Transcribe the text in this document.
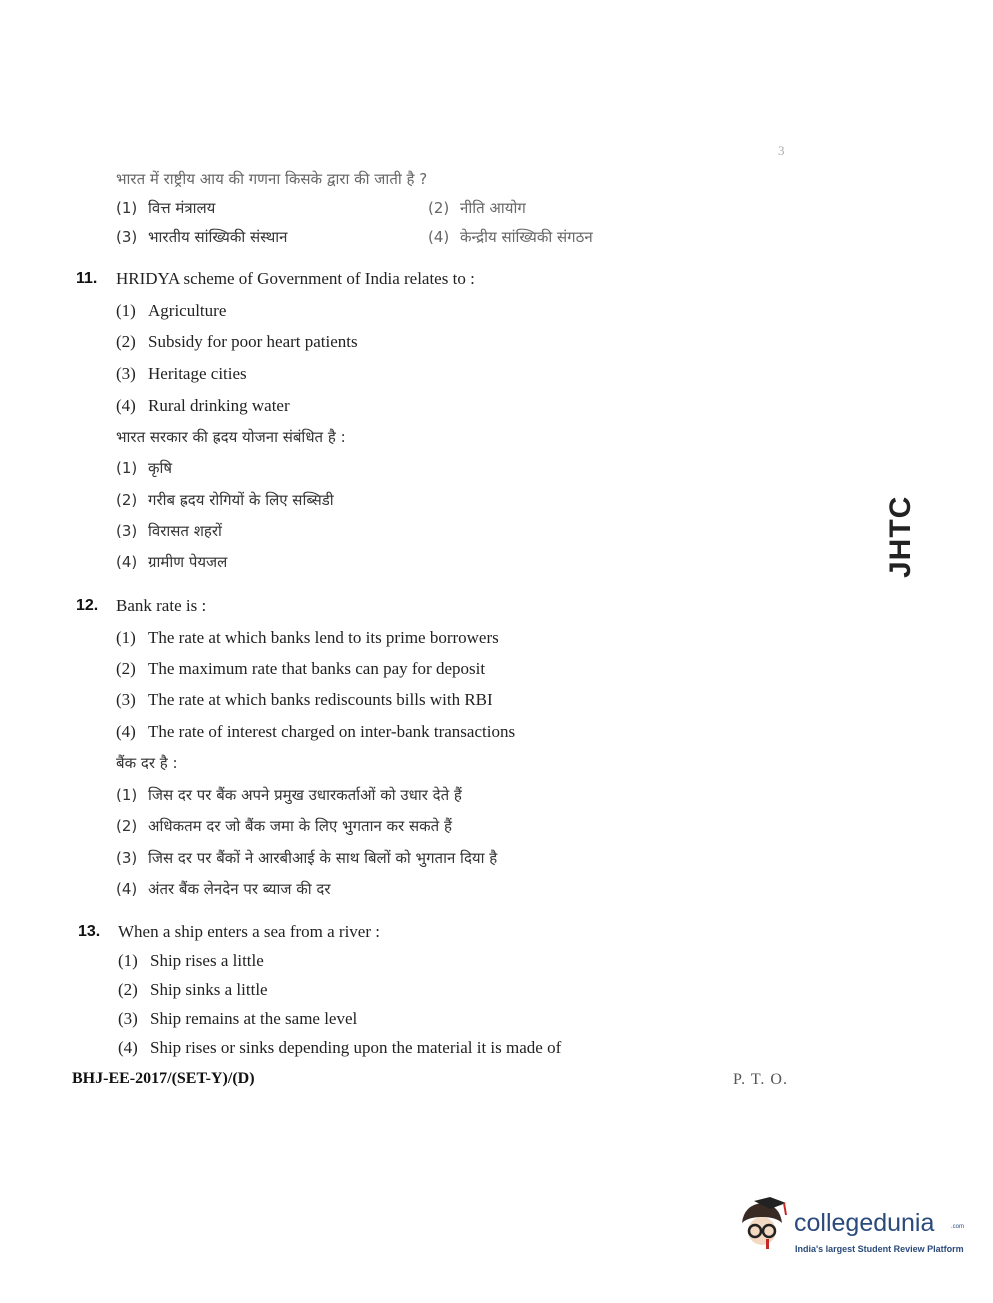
3
भारत में राष्ट्रीय आय की गणना किसके द्वारा की जाती है ?
(1) वित्त मंत्रालय	(2) नीति आयोग
(3) भारतीय सांख्यिकी संस्थान	(4) केन्द्रीय सांख्यिकी संगठन
11. HRIDYA scheme of Government of India relates to :
(1) Agriculture
(2) Subsidy for poor heart patients
(3) Heritage cities
(4) Rural drinking water
भारत सरकार की ह्रदय योजना संबंधित है :
(1) कृषि
(2) गरीब ह्रदय रोगियों के लिए सब्सिडी
(3) विरासत शहरों
(4) ग्रामीण पेयजल
12. Bank rate is :
(1) The rate at which banks lend to its prime borrowers
(2) The maximum rate that banks can pay for deposit
(3) The rate at which banks rediscounts bills with RBI
(4) The rate of interest charged on inter-bank transactions
बैंक दर है :
(1) जिस दर पर बैंक अपने प्रमुख उधारकर्ताओं को उधार देते हैं
(2) अधिकतम दर जो बैंक जमा के लिए भुगतान कर सकते हैं
(3) जिस दर पर बैंकों ने आरबीआई के साथ बिलों को भुगतान दिया है
(4) अंतर बैंक लेनदेन पर ब्याज की दर
13. When a ship enters a sea from a river :
(1) Ship rises a little
(2) Ship sinks a little
(3) Ship remains at the same level
(4) Ship rises or sinks depending upon the material it is made of
BHJ-EE-2017/(SET-Y)/(D)	P. T. O.
JHTC
collegedunia	.com
India's largest Student Review Platform
